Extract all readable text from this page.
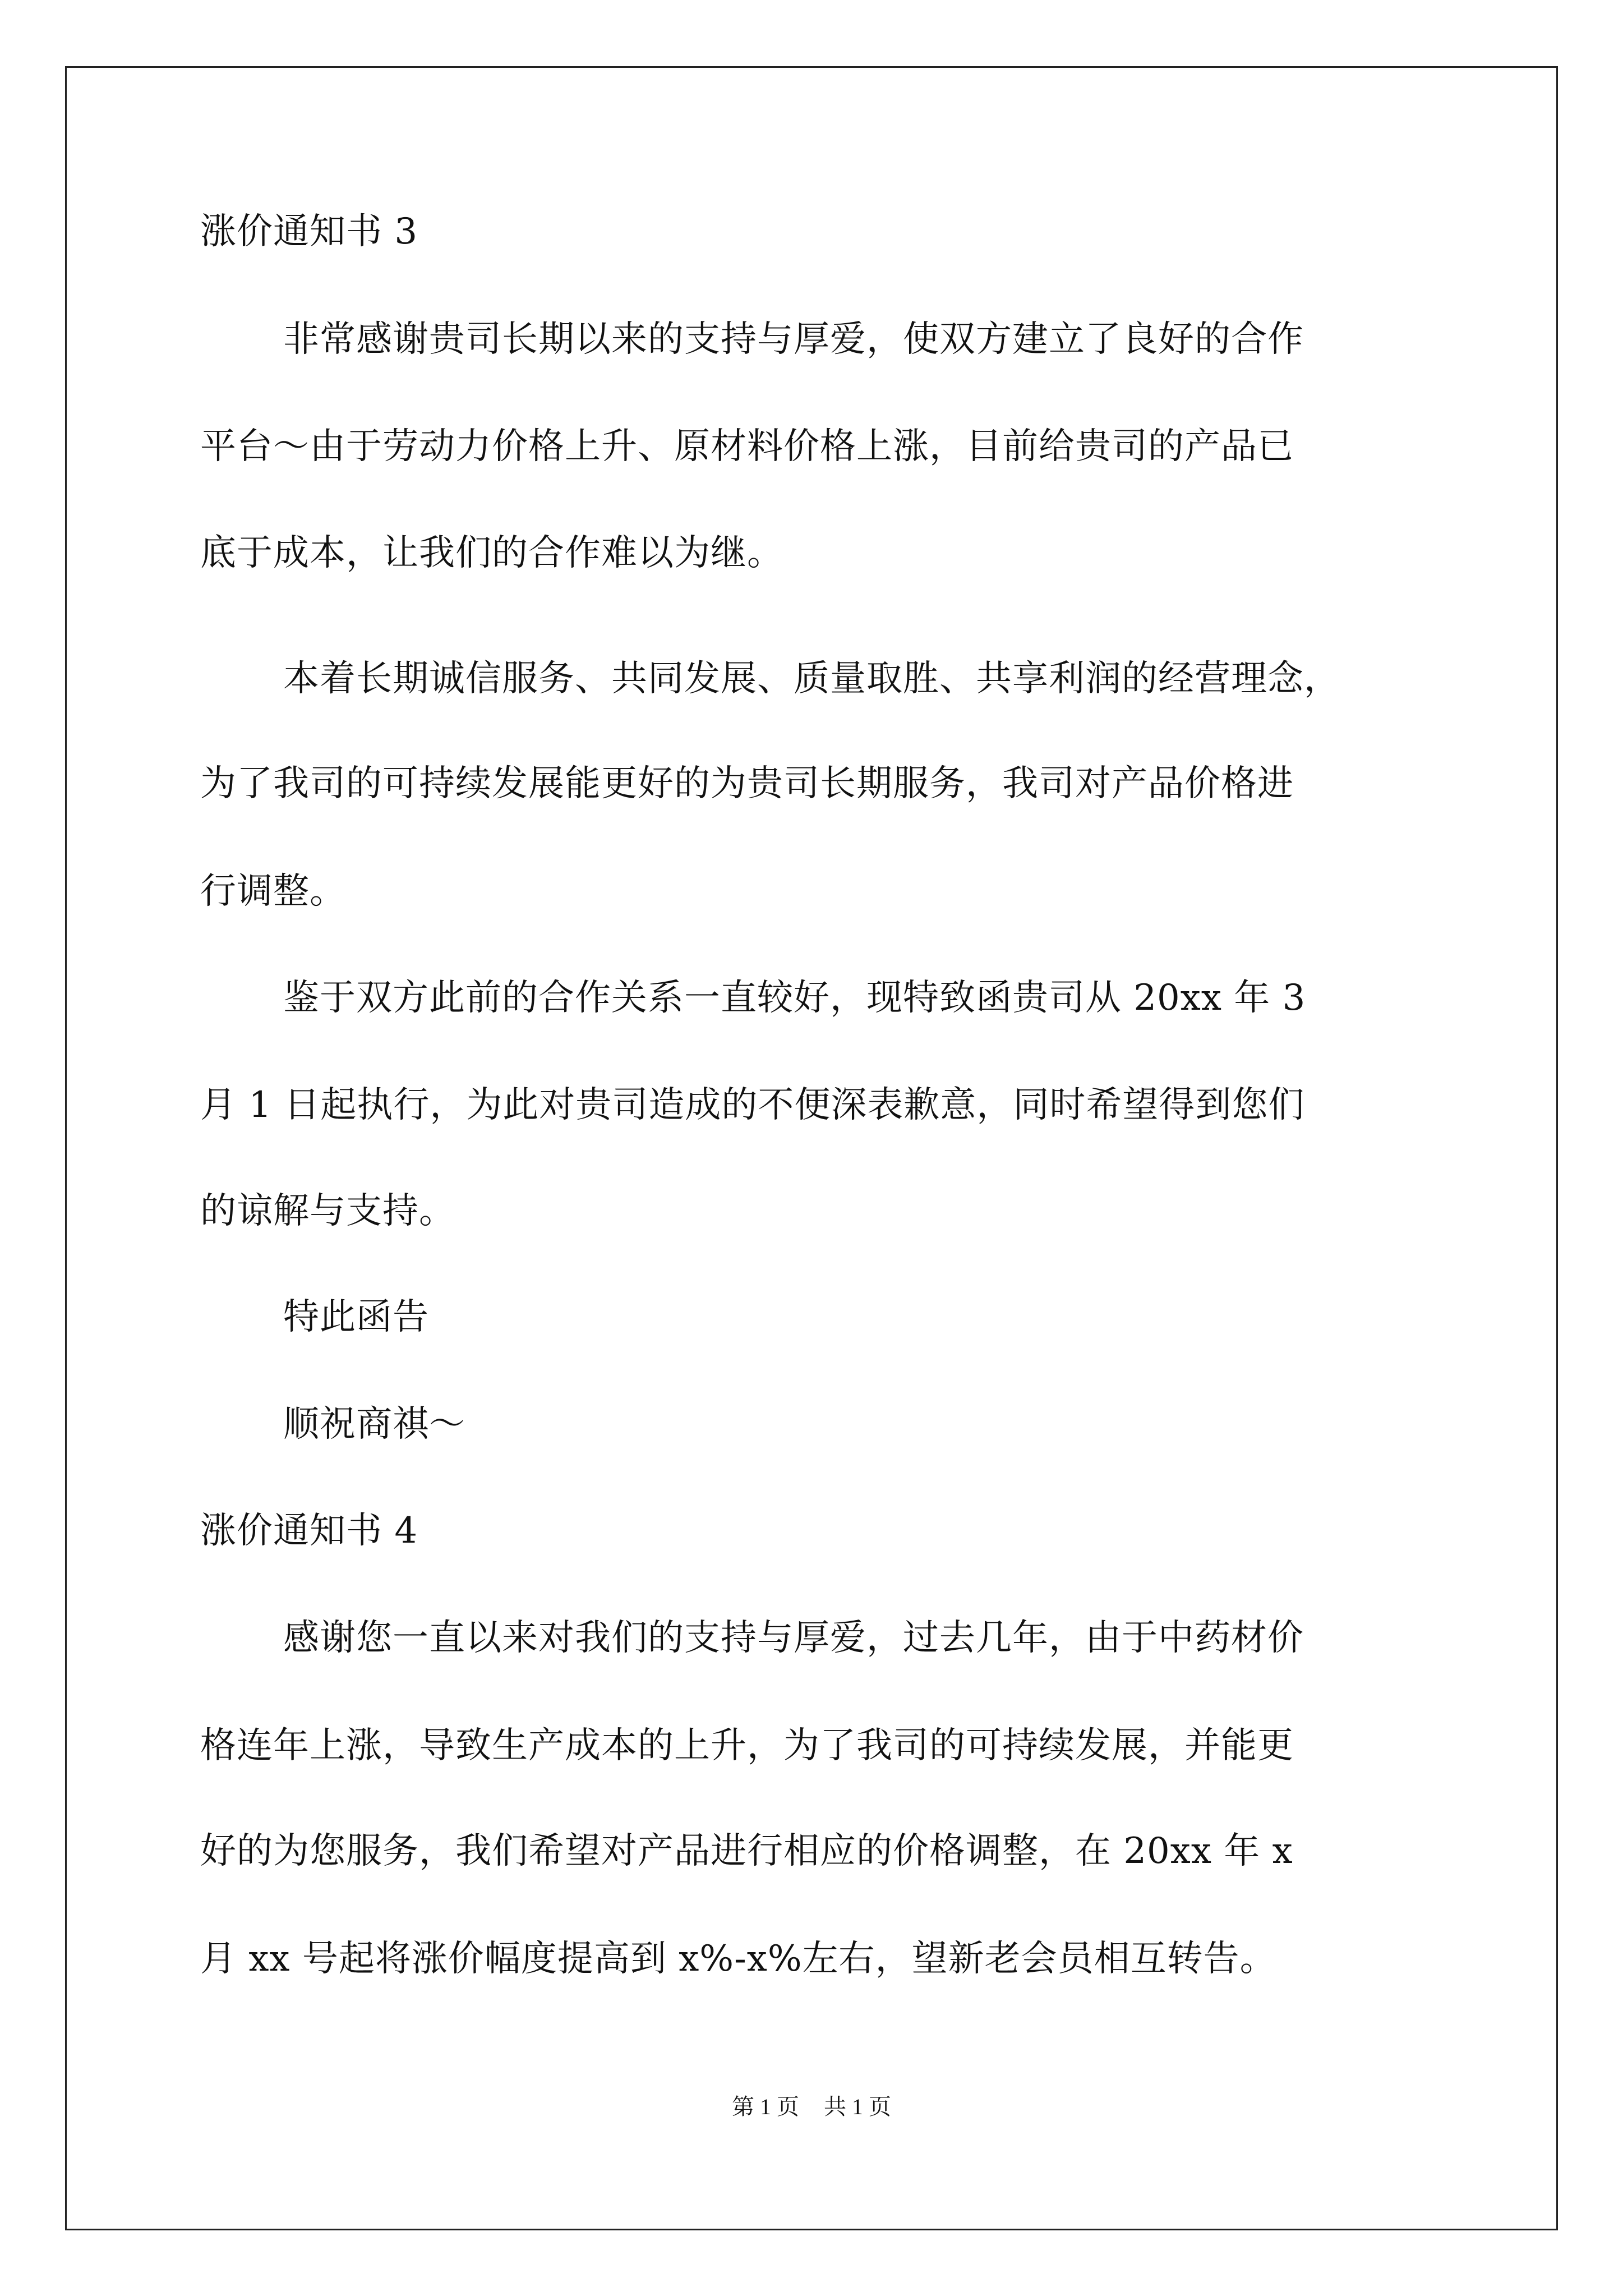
涨价通知书 3
非常感谢贵司长期以来的支持与厚爱，使双方建立了良好的合作
平台～由于劳动力价格上升、原材料价格上涨，目前给贵司的产品已
底于成本，让我们的合作难以为继。
本着长期诚信服务、共同发展、质量取胜、共享利润的经营理念，
为了我司的可持续发展能更好的为贵司长期服务，我司对产品价格进
行调整。
鉴于双方此前的合作关系一直较好，现特致函贵司从 20xx 年 3
月 1 日起执行，为此对贵司造成的不便深表歉意，同时希望得到您们
的谅解与支持。
特此函告
顺祝商祺～
涨价通知书 4
感谢您一直以来对我们的支持与厚爱，过去几年，由于中药材价
格连年上涨，导致生产成本的上升，为了我司的可持续发展，并能更
好的为您服务，我们希望对产品进行相应的价格调整，在 20xx 年 x
月 xx 号起将涨价幅度提高到 x%-x%左右，望新老会员相互转告。
第 1 页 共 1 页
